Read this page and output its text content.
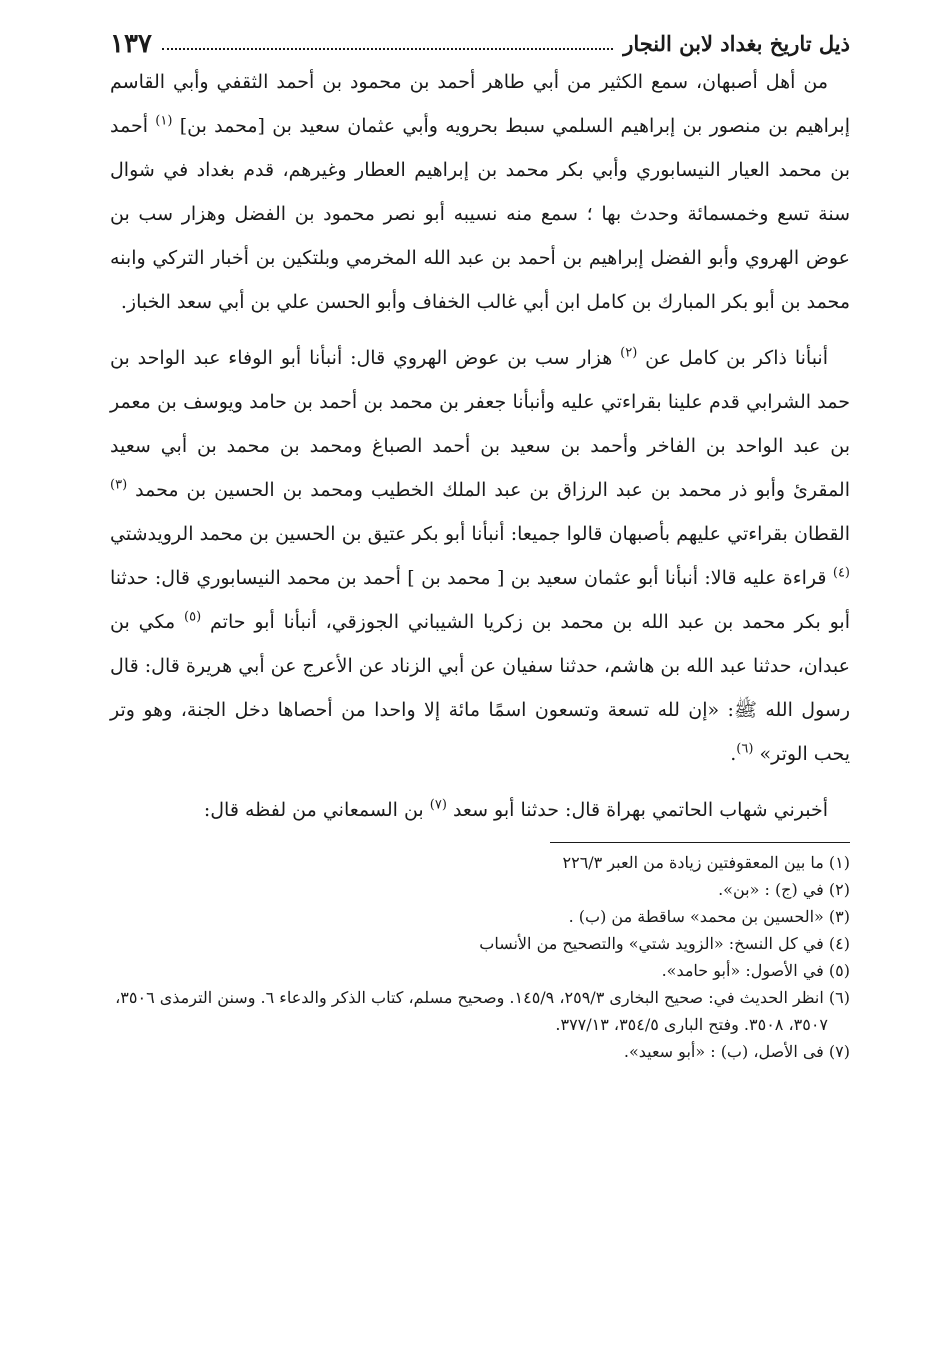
ذيل تاريخ بغداد لابن النجار
١٣٧

من أهل أصبهان، سمع الكثير من أبي طاهر أحمد بن محمود بن أحمد الثقفي وأبي القاسم إبراهيم بن منصور بن إبراهيم السلمي سبط بحرويه وأبي عثمان سعيد بن [محمد بن] $^{(١)}$ أحمد بن محمد العيار النيسابوري وأبي بكر محمد بن إبراهيم العطار وغيرهم، قدم بغداد في شوال سنة تسع وخمسمائة وحدث بها ؛ سمع منه نسيبه أبو نصر محمود بن الفضل وهزار سب بن عوض الهروي وأبو الفضل إبراهيم بن أحمد بن عبد الله المخرمي وبلتكين بن أخبار التركي وابنه محمد بن أبو بكر المبارك بن كامل ابن أبي غالب الخفاف وأبو الحسن علي بن أبي سعد الخباز.

أنبأنا ذاكر بن كامل عن $^{(٢)}$ هزار سب بن عوض الهروي قال: أنبأنا أبو الوفاء عبد الواحد بن حمد الشرابي قدم علينا بقراءتي عليه وأنبأنا جعفر بن محمد بن أحمد بن حامد ويوسف بن معمر بن عبد الواحد بن الفاخر وأحمد بن سعيد بن أحمد الصباغ ومحمد بن محمد بن أبي سعيد المقرئ وأبو ذر محمد بن عبد الرزاق بن عبد الملك الخطيب ومحمد بن الحسين بن محمد $^{(٣)}$ القطان بقراءتي عليهم بأصبهان قالوا جميعا: أنبأنا أبو بكر عتيق بن الحسين بن محمد الرويدشتي $^{(٤)}$ قراءة عليه قالا: أنبأنا أبو عثمان سعيد بن [ محمد بن ] أحمد بن محمد النيسابوري قال: حدثنا أبو بكر محمد بن عبد الله بن محمد بن زكريا الشيباني الجوزقي، أنبأنا أبو حاتم $^{(٥)}$ مكي بن عبدان، حدثنا عبد الله بن هاشم، حدثنا سفيان عن أبي الزناد عن الأعرج عن أبي هريرة قال: قال رسول الله ﷺ: «إن لله تسعة وتسعون اسمًا مائة إلا واحدا من أحصاها دخل الجنة، وهو وتر يحب الوتر» $^{(٦)}$.

أخبرني شهاب الحاتمي بهراة قال: حدثنا أبو سعد $^{(٧)}$ بن السمعاني من لفظه قال:

(١) ما بين المعقوفتين زيادة من العبر ٢٢٦/٣

(٢) في (ج) : «بن».

(٣) «الحسين بن محمد» ساقطة من (ب) .

(٤) في كل النسخ: «الزويد شتي» والتصحيح من الأنساب

(٥) في الأصول: «أبو حامد».

(٦) انظر الحديث في: صحيح البخارى ٢٥٩/٣، ١٤٥/٩. وصحيح مسلم، كتاب الذكر والدعاء ٦. وسنن الترمذى ٣٥٠٦، ٣٥٠٧، ٣٥٠٨. وفتح البارى ٣٥٤/٥، ٣٧٧/١٣.

(٧) فى الأصل، (ب) : «أبو سعيد».
